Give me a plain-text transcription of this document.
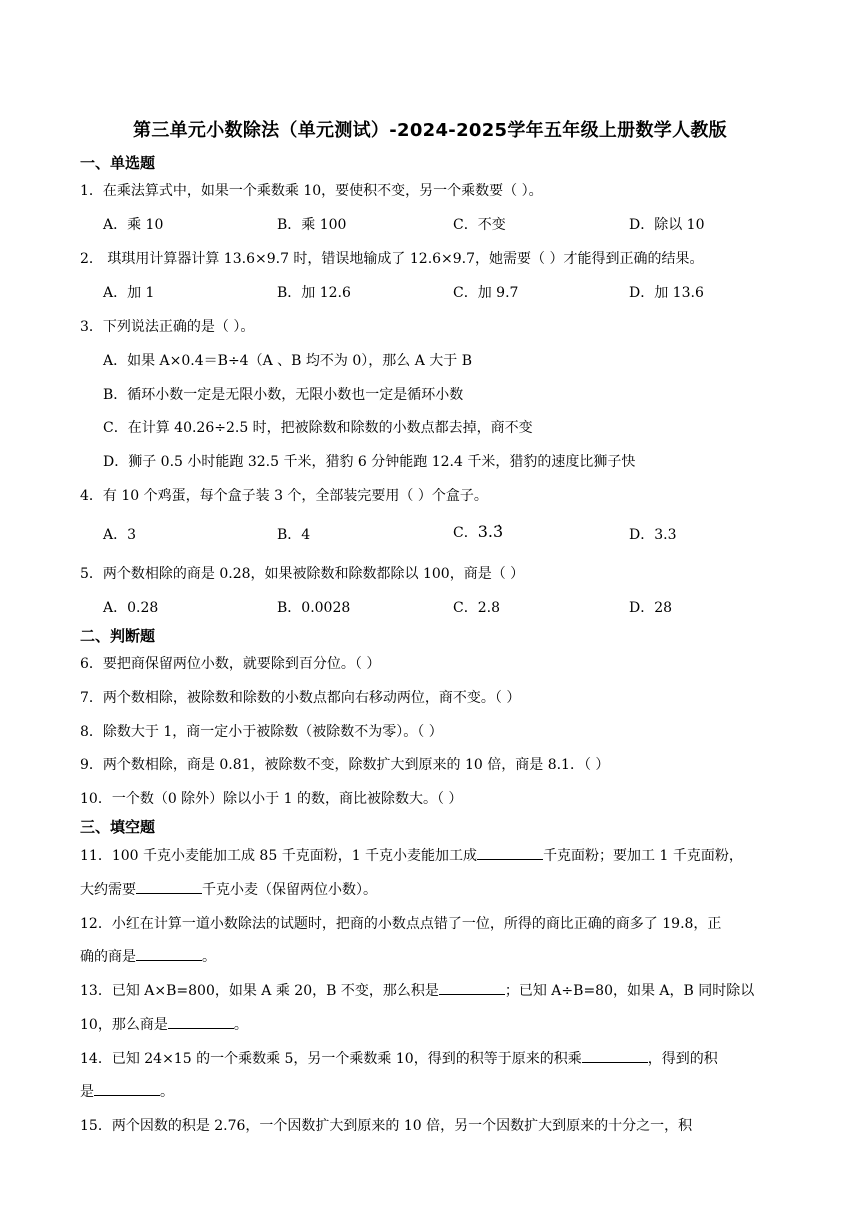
第三单元小数除法（单元测试）-2024-2025学年五年级上册数学人教版
一、单选题
1．在乘法算式中，如果一个乘数乘 10，要使积不变，另一个乘数要（ ）。
A．乘 10	B．乘 100	C．不变	D．除以 10
2． 琪琪用计算器计算 13.6×9.7 时，错误地输成了 12.6×9.7，她需要（ ）才能得到正确的结果。
A．加 1	B．加 12.6	C．加 9.7	D．加 13.6
3．下列说法正确的是（ ）。
A．如果 A×0.4＝B÷4（A 、B 均不为 0），那么 A 大于 B
B．循环小数一定是无限小数，无限小数也一定是循环小数
C．在计算 40.26÷2.5 时，把被除数和除数的小数点都去掉，商不变
D．狮子 0.5 小时能跑 32.5 千米，猎豹 6 分钟能跑 12.4 千米，猎豹的速度比狮子快
4．有 10 个鸡蛋，每个盒子装 3 个，全部装完要用（ ）个盒子。
A．3	B．4	C．3.3̇	D．3.3
5．两个数相除的商是 0.28，如果被除数和除数都除以 100，商是（ ）
A．0.28	B．0.0028	C．2.8	D．28
二、判断题
6．要把商保留两位小数，就要除到百分位。（ ）
7．两个数相除，被除数和除数的小数点都向右移动两位，商不变。（ ）
8．除数大于 1，商一定小于被除数（被除数不为零）。（ ）
9．两个数相除，商是 0.81，被除数不变，除数扩大到原来的 10 倍，商是 8.1．（ ）
10．一个数（0 除外）除以小于 1 的数，商比被除数大。（ ）
三、填空题
11．100 千克小麦能加工成 85 千克面粉，1 千克小麦能加工成	千克面粉；要加工 1 千克面粉，
大约需要	千克小麦（保留两位小数）。
12．小红在计算一道小数除法的试题时，把商的小数点点错了一位，所得的商比正确的商多了 19.8，正
确的商是	。
13．已知 A×B=800，如果 A 乘 20，B 不变，那么积是	；已知 A÷B=80，如果 A，B 同时除以
10，那么商是	。
14．已知 24×15 的一个乘数乘 5，另一个乘数乘 10，得到的积等于原来的积乘	，得到的积
是	。
15．两个因数的积是 2.76，一个因数扩大到原来的 10 倍，另一个因数扩大到原来的十分之一，积
